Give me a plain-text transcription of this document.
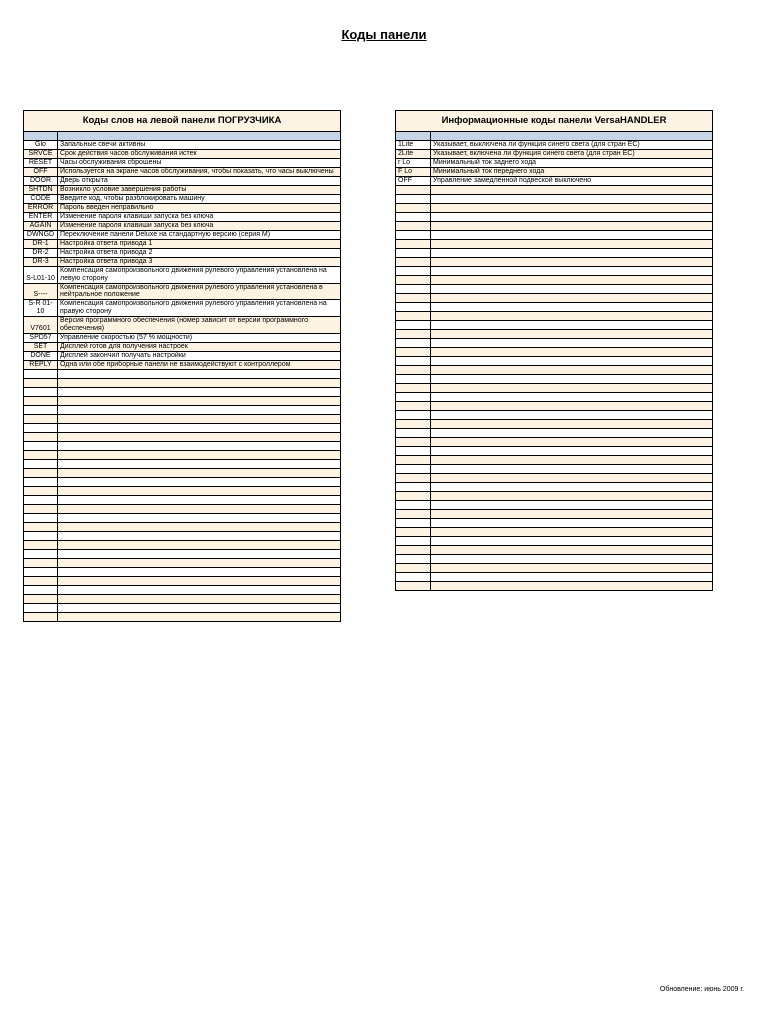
Коды панели
Коды слов на левой панели ПОГРУЗЧИКА	

Glo	Запальные свечи активны
SRVCE	Срок действия часов обслуживания истек
RESET	Часы обслуживания сброшены
OFF	Используется на экране часов обслуживания, чтобы показать, что часы выключены
DOOR	Дверь открыта
SHTDN	Возникло условие завершения работы
CODE	Введите код, чтобы разблокировать машину
ERROR	Пароль введен неправильно
ENTER	Изменение пароля клавиши запуска без ключа
AGAIN	Изменение пароля клавиши запуска без ключа
DWNGD	Переключение панели Deluxe на стандартную версию (серия M)
DR-1	Настройка ответа привода 1
DR-2	Настройка ответа привода 2
DR-3	Настройка ответа привода 3
S-L01-10	Компенсация самопроизвольного движения рулевого управления установлена на левую сторону
S----	Компенсация самопроизвольного движения рулевого управления установлена в нейтральное положение
S-R 01-10	Компенсация самопроизвольного движения рулевого управления установлена на правую сторону
V7601	Версия программного обеспечения (номер зависит от версии программного обеспечения)
SPD57	Управление скоростью (57 % мощности)
SET	Дисплей готов для получения настроек
DONE	Дисплей закончил получать настройки
REPLY	Одна или обе приборные панели не взаимодействуют с контроллером

Информационные коды панели VersaHANDLER	

1Lite	Указывает, выключена ли функция синего света (для стран ЕС)
2Lite	Указывает, включена ли функция синего света (для стран ЕС)
r Lo	Минимальный ток заднего хода
F Lo	Минимальный ток переднего хода
OFF	Управление замедленной подвеской выключено

Обновление: июнь 2009 г.
